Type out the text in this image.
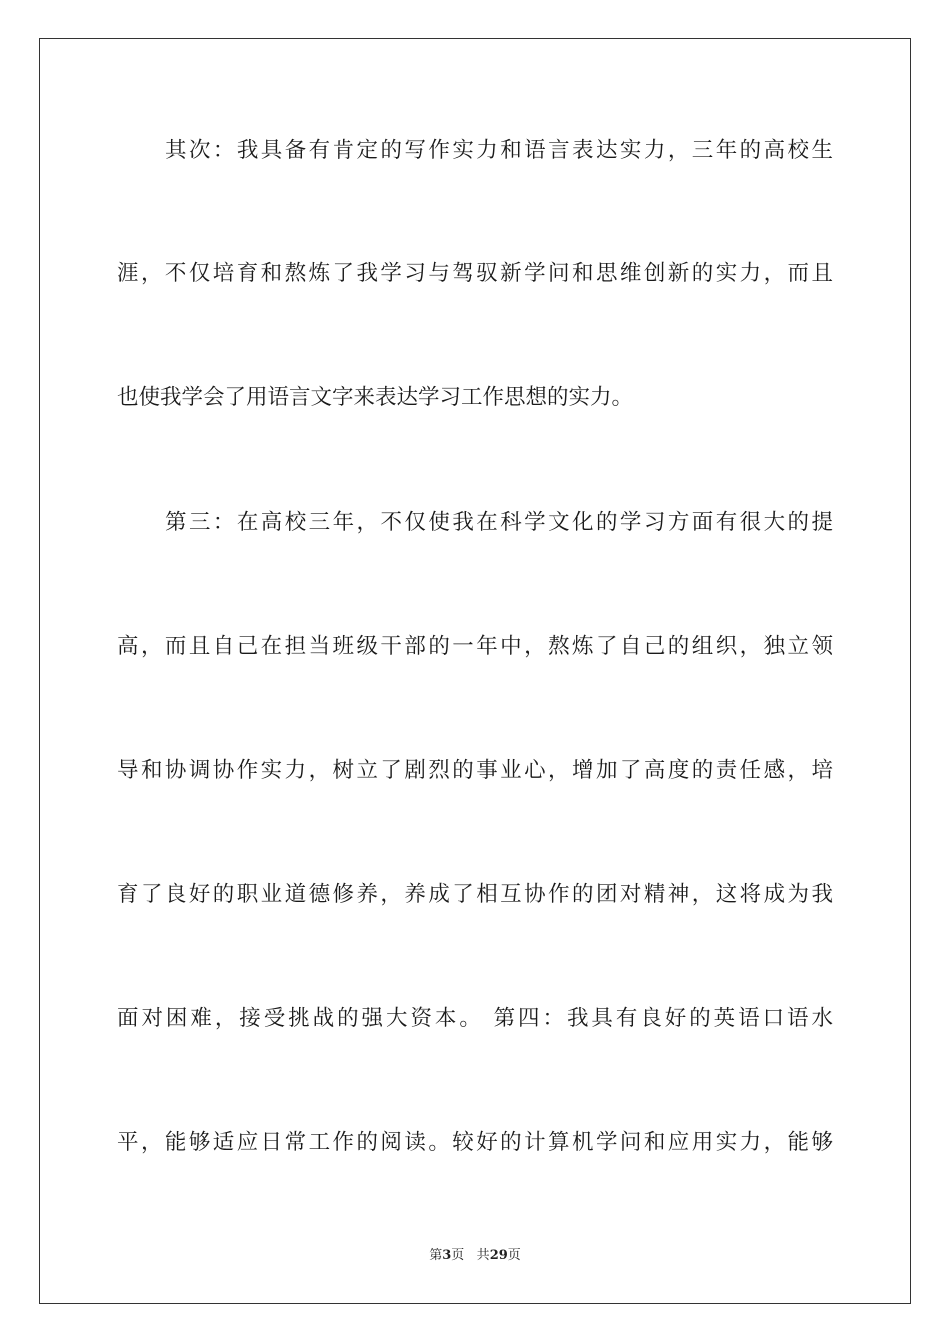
其次：我具备有肯定的写作实力和语言表达实力，三年的高校生
涯，不仅培育和熬炼了我学习与驾驭新学问和思维创新的实力，而且
也使我学会了用语言文字来表达学习工作思想的实力。
第三：在高校三年，不仅使我在科学文化的学习方面有很大的提
高，而且自己在担当班级干部的一年中，熬炼了自己的组织，独立领
导和协调协作实力，树立了剧烈的事业心，增加了高度的责任感，培
育了良好的职业道德修养，养成了相互协作的团对精神，这将成为我
面对困难，接受挑战的强大资本。 第四：我具有良好的英语口语水
平，能够适应日常工作的阅读。较好的计算机学问和应用实力，能够
第3页 共29页
